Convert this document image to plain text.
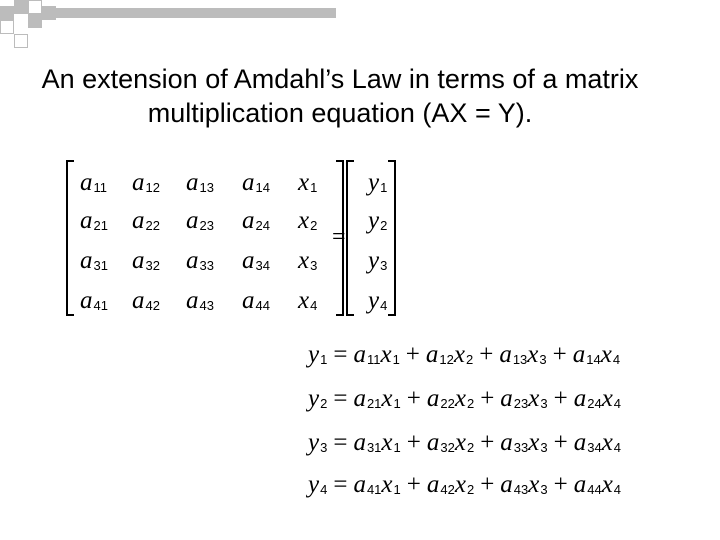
An extension of Amdahl’s Law in terms of a matrix multiplication equation (AX = Y).
$a_{11}$ $a_{12}$ $a_{13}$ $a_{14}$
$a_{21}$ $a_{22}$ $a_{23}$ $a_{24}$
$a_{31}$ $a_{32}$ $a_{33}$ $a_{34}$
$a_{41}$ $a_{42}$ $a_{43}$ $a_{44}$
$x_1$
$x_2$
$x_3$
$x_4$
=
$y_1$
$y_2$
$y_3$
$y_4$
$y_1 = a_{11}x_1 + a_{12}x_2 + a_{13}x_3 + a_{14}x_4$
$y_2 = a_{21}x_1 + a_{22}x_2 + a_{23}x_3 + a_{24}x_4$
$y_3 = a_{31}x_1 + a_{32}x_2 + a_{33}x_3 + a_{34}x_4$
$y_4 = a_{41}x_1 + a_{42}x_2 + a_{43}x_3 + a_{44}x_4$
